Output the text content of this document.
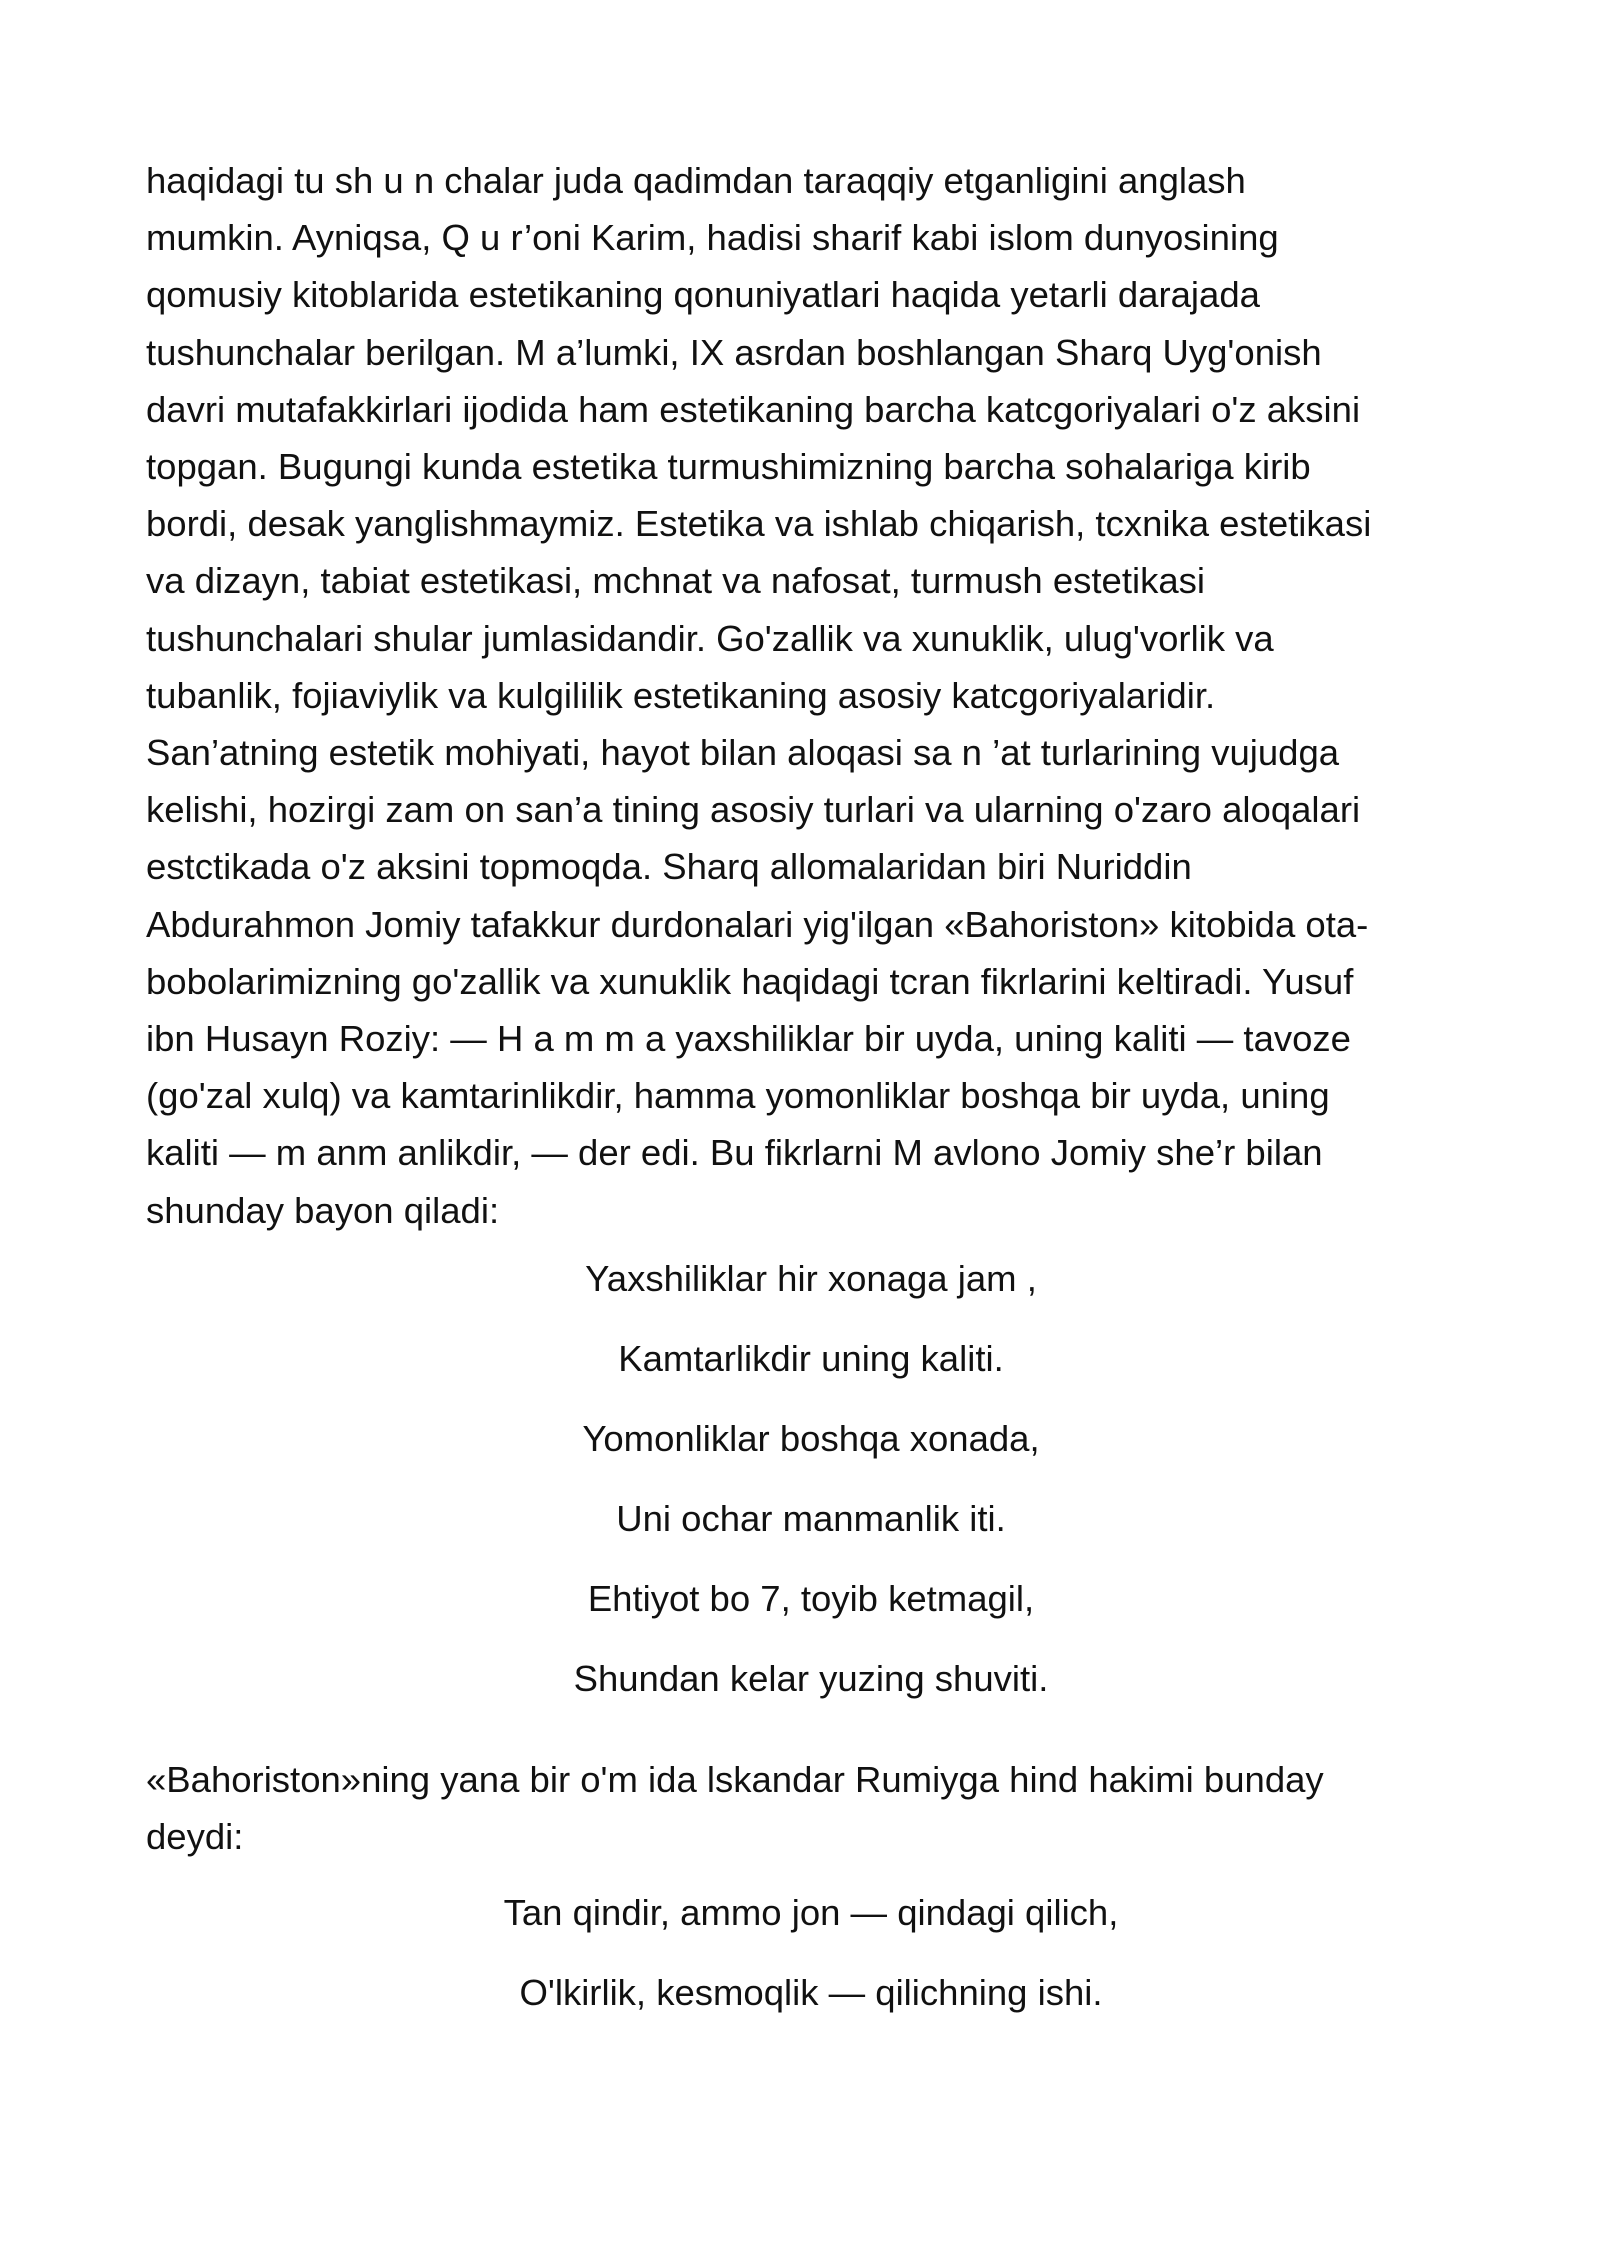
haqidagi tu sh u n chalar juda qadimdan taraqqiy etganligini anglash
mumkin. Ayniqsa, Q u r’oni Karim, hadisi sharif kabi islom dunyosining
qomusiy kitoblarida estetikaning qonuniyatlari haqida yetarli darajada
tushunchalar berilgan. M a’lumki, IX asrdan boshlangan Sharq Uyg'onish
davri mutafakkirlari ijodida ham estetikaning barcha katcgoriyalari o'z aksini
topgan. Bugungi kunda estetika turmushimizning barcha sohalariga kirib
bordi, desak yanglishmaymiz. Estetika va ishlab chiqarish, tcxnika estetikasi
va dizayn, tabiat estetikasi, mchnat va nafosat, turmush estetikasi
tushunchalari shular jumlasidandir. Go'zallik va xunuklik, ulug'vorlik va
tubanlik, fojiaviylik va kulgililik estetikaning asosiy katcgoriyalaridir.
San’atning estetik mohiyati, hayot bilan aloqasi sa n ’at turlarining vujudga
kelishi, hozirgi zam on san’a tining asosiy turlari va ularning o'zaro aloqalari
estctikada o'z aksini topmoqda. Sharq allomalaridan biri Nuriddin
Abdurahmon Jomiy tafakkur durdonalari yig'ilgan «Bahoriston» kitobida ota-
bobolarimizning go'zallik va xunuklik haqidagi tcran fikrlarini keltiradi. Yusuf
ibn Husayn Roziy: — H a m m a yaxshiliklar bir uyda, uning kaliti — tavoze
(go'zal xulq) va kamtarinlikdir, hamma yomonliklar boshqa bir uyda, uning
kaliti — m anm anlikdir, — der edi. Bu fikrlarni M avlono Jomiy she’r bilan
shunday bayon qiladi:

Yaxshiliklar hir xonaga jam ,
Kamtarlikdir uning kaliti.
Yomonliklar boshqa xonada,
Uni ochar manmanlik iti.
Ehtiyot bo 7, toyib ketmagil,
Shundan kelar yuzing shuviti.

«Bahoriston»ning yana bir o'm ida lskandar Rumiyga hind hakimi bunday
deydi:

Tan qindir, ammo jon — qindagi qilich,
O'lkirlik, kesmoqlik — qilichning ishi.
